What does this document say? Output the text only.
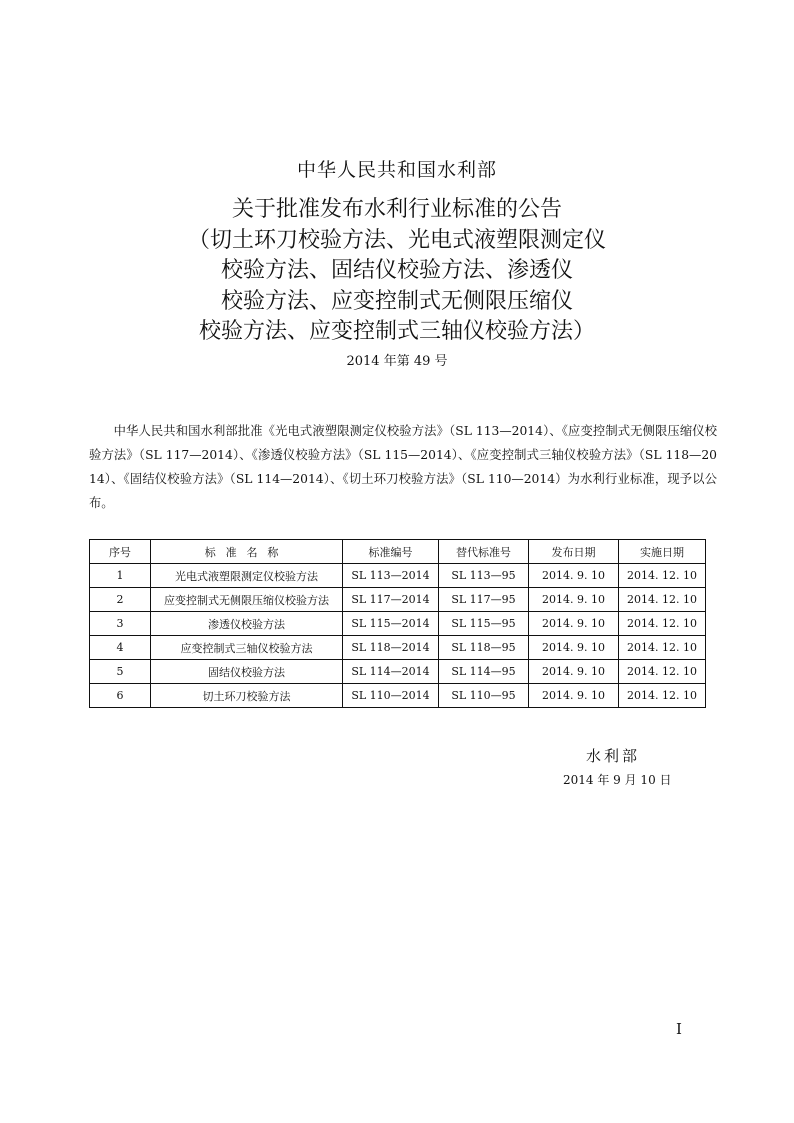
中华人民共和国水利部
关于批准发布水利行业标准的公告
（切土环刀校验方法、光电式液塑限测定仪
校验方法、固结仪校验方法、渗透仪
校验方法、应变控制式无侧限压缩仪
校验方法、应变控制式三轴仪校验方法）
2014 年第 49 号

中华人民共和国水利部批准《光电式液塑限测定仪校验方法》（SL 113—2014）、《应变控制式无侧限压缩仪校验方法》（SL 117—2014）、《渗透仪校验方法》（SL 115—2014）、《应变控制式三轴仪校验方法》（SL 118—2014）、《固结仪校验方法》（SL 114—2014）、《切土环刀校验方法》（SL 110—2014）为水利行业标准，现予以公布。

序号	标准名称	标准编号	替代标准号	发布日期	实施日期
1	光电式液塑限测定仪校验方法	SL 113—2014	SL 113—95	2014. 9. 10	2014. 12. 10
2	应变控制式无侧限压缩仪校验方法	SL 117—2014	SL 117—95	2014. 9. 10	2014. 12. 10
3	渗透仪校验方法	SL 115—2014	SL 115—95	2014. 9. 10	2014. 12. 10
4	应变控制式三轴仪校验方法	SL 118—2014	SL 118—95	2014. 9. 10	2014. 12. 10
5	固结仪校验方法	SL 114—2014	SL 114—95	2014. 9. 10	2014. 12. 10
6	切土环刀校验方法	SL 110—2014	SL 110—95	2014. 9. 10	2014. 12. 10
水利部
2014 年 9 月 10 日
I
